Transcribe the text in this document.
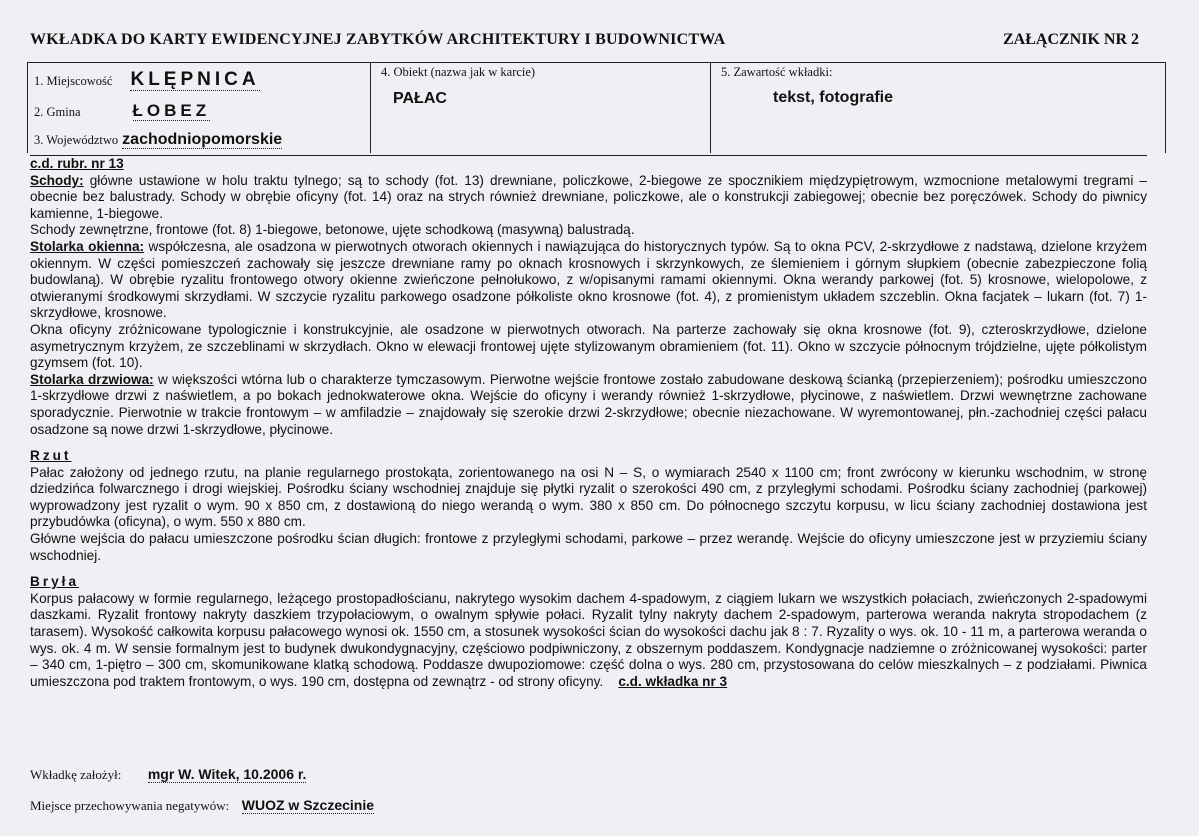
WKŁADKA DO KARTY EWIDENCYJNEJ ZABYTKÓW ARCHITEKTURY I BUDOWNICTWA	ZAŁĄCZNIK NR 2
1. Miejscowość KLĘPNICA
2. Gmina	ŁOBEZ
3. Województwo zachodniopomorskie
4. Obiekt (nazwa jak w karcie)
PAŁAC
5. Zawartość wkładki:
tekst, fotografie

c.d. rubr. nr 13

Schody: główne ustawione w holu traktu tylnego; są to schody (fot. 13) drewniane, policzkowe, 2-biegowe ze spocznikiem międzypiętrowym, wzmocnione metalowymi tregrami – obecnie bez balustrady. Schody w obrębie oficyny (fot. 14) oraz na strych również drewniane, policzkowe, ale o konstrukcji zabiegowej; obecnie bez poręczówek. Schody do piwnicy kamienne, 1-biegowe.

Schody zewnętrzne, frontowe (fot. 8) 1-biegowe, betonowe, ujęte schodkową (masywną) balustradą.

Stolarka okienna: współczesna, ale osadzona w pierwotnych otworach okiennych i nawiązująca do historycznych typów. Są to okna PCV, 2-skrzydłowe z nadstawą, dzielone krzyżem okiennym. W części pomieszczeń zachowały się jeszcze drewniane ramy po oknach krosnowych i skrzynkowych, ze ślemieniem i górnym słupkiem (obecnie zabezpieczone folią budowlaną). W obrębie ryzalitu frontowego otwory okienne zwieńczone pełnołukowo, z w/opisanymi ramami okiennymi. Okna werandy parkowej (fot. 5) krosnowe, wielopolowe, z otwieranymi środkowymi skrzydłami. W szczycie ryzalitu parkowego osadzone półkoliste okno krosnowe (fot. 4), z promienistym układem szczeblin. Okna facjatek – lukarn (fot. 7) 1-skrzydłowe, krosnowe.

Okna oficyny zróżnicowane typologicznie i konstrukcyjnie, ale osadzone w pierwotnych otworach. Na parterze zachowały się okna krosnowe (fot. 9), czteroskrzydłowe, dzielone asymetrycznym krzyżem, ze szczeblinami w skrzydłach. Okno w elewacji frontowej ujęte stylizowanym obramieniem (fot. 11). Okno w szczycie północnym trójdzielne, ujęte półkolistym gzymsem (fot. 10).

Stolarka drzwiowa: w większości wtórna lub o charakterze tymczasowym. Pierwotne wejście frontowe zostało zabudowane deskową ścianką (przepierzeniem); pośrodku umieszczono 1-skrzydłowe drzwi z naświetlem, a po bokach jednokwaterowe okna. Wejście do oficyny i werandy również 1-skrzydłowe, płycinowe, z naświetlem. Drzwi wewnętrzne zachowane sporadycznie. Pierwotnie w trakcie frontowym – w amfiladzie – znajdowały się szerokie drzwi 2-skrzydłowe; obecnie niezachowane. W wyremontowanej, płn.-zachodniej części pałacu osadzone są nowe drzwi 1-skrzydłowe, płycinowe.

Rzut

Pałac założony od jednego rzutu, na planie regularnego prostokąta, zorientowanego na osi N – S, o wymiarach 2540 x 1100 cm; front zwrócony w kierunku wschodnim, w stronę dziedzińca folwarcznego i drogi wiejskiej. Pośrodku ściany wschodniej znajduje się płytki ryzalit o szerokości 490 cm, z przyległymi schodami. Pośrodku ściany zachodniej (parkowej) wyprowadzony jest ryzalit o wym. 90 x 850 cm, z dostawioną do niego werandą o wym. 380 x 850 cm. Do północnego szczytu korpusu, w licu ściany zachodniej dostawiona jest przybudówka (oficyna), o wym. 550 x 880 cm.

Główne wejścia do pałacu umieszczone pośrodku ścian długich: frontowe z przyległymi schodami, parkowe – przez werandę. Wejście do oficyny umieszczone jest w przyziemiu ściany wschodniej.

Bryła

Korpus pałacowy w formie regularnego, leżącego prostopadłościanu, nakrytego wysokim dachem 4-spadowym, z ciągiem lukarn we wszystkich połaciach, zwieńczonych 2-spadowymi daszkami. Ryzalit frontowy nakryty daszkiem trzypołaciowym, o owalnym spływie połaci. Ryzalit tylny nakryty dachem 2-spadowym, parterowa weranda nakryta stropodachem (z tarasem). Wysokość całkowita korpusu pałacowego wynosi ok. 1550 cm, a stosunek wysokości ścian do wysokości dachu jak 8 : 7. Ryzality o wys. ok. 10 - 11 m, a parterowa weranda o wys. ok. 4 m. W sensie formalnym jest to budynek dwukondygnacyjny, częściowo podpiwniczony, z obszernym poddaszem. Kondygnacje nadziemne o zróżnicowanej wysokości: parter – 340 cm, 1-piętro – 300 cm, skomunikowane klatką schodową. Poddasze dwupoziomowe: część dolna o wys. 280 cm, przystosowana do celów mieszkalnych – z podziałami. Piwnica umieszczona pod traktem frontowym, o wys. 190 cm, dostępna od zewnątrz - od strony oficyny. c.d. wkładka nr 3

Wkładkę założył: mgr W. Witek, 10.2006 r.
Miejsce przechowywania negatywów: WUOZ w Szczecinie
